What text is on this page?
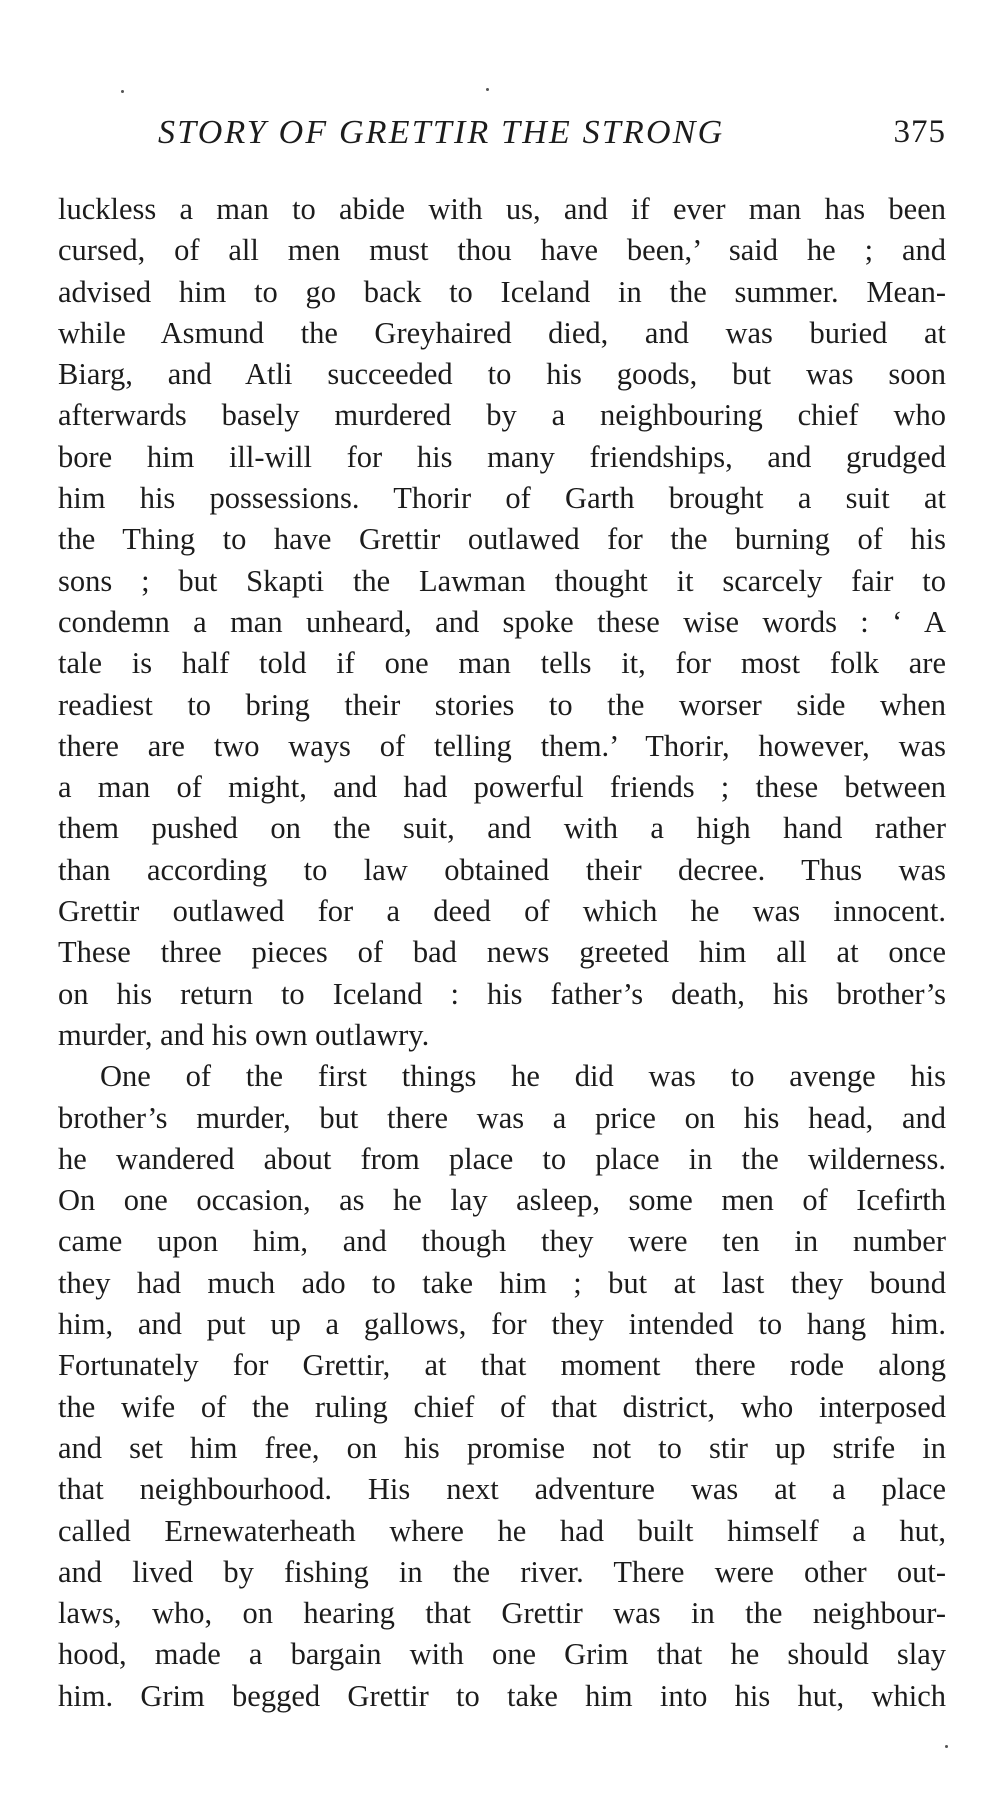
STORY OF GRETTIR THE STRONG	375
luckless a man to abide with us, and if ever man has been
cursed, of all men must thou have been,’ said he ; and
advised him to go back to Iceland in the summer. Mean-
while Asmund the Greyhaired died, and was buried at
Biarg, and Atli succeeded to his goods, but was soon
afterwards basely murdered by a neighbouring chief who
bore him ill-will for his many friendships, and grudged
him his possessions. Thorir of Garth brought a suit at
the Thing to have Grettir outlawed for the burning of his
sons ; but Skapti the Lawman thought it scarcely fair to
condemn a man unheard, and spoke these wise words : ‘ A
tale is half told if one man tells it, for most folk are
readiest to bring their stories to the worser side when
there are two ways of telling them.’ Thorir, however, was
a man of might, and had powerful friends ; these between
them pushed on the suit, and with a high hand rather
than according to law obtained their decree. Thus was
Grettir outlawed for a deed of which he was innocent.
These three pieces of bad news greeted him all at once
on his return to Iceland : his father’s death, his brother’s
murder, and his own outlawry.
One of the first things he did was to avenge his
brother’s murder, but there was a price on his head, and
he wandered about from place to place in the wilderness.
On one occasion, as he lay asleep, some men of Icefirth
came upon him, and though they were ten in number
they had much ado to take him ; but at last they bound
him, and put up a gallows, for they intended to hang him.
Fortunately for Grettir, at that moment there rode along
the wife of the ruling chief of that district, who interposed
and set him free, on his promise not to stir up strife in
that neighbourhood. His next adventure was at a place
called Ernewaterheath where he had built himself a hut,
and lived by fishing in the river. There were other out-
laws, who, on hearing that Grettir was in the neighbour-
hood, made a bargain with one Grim that he should slay
him. Grim begged Grettir to take him into his hut, which
